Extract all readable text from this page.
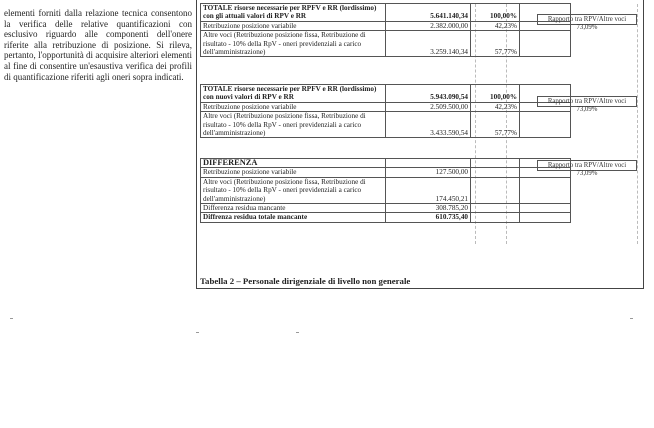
elementi forniti dalla relazione tecnica consentono la verifica delle relative quantificazioni con esclusivo riguardo alle componenti dell'onere riferite alla retribuzione di posizione. Si rileva, pertanto, l'opportunità di acquisire alteriori elementi al fine di consentire un'esaustiva verifica dei profili di quantificazione riferiti agli oneri sopra indicati.
TOTALE risorse necessarie per RPFV e RR (lordissimo) con gli attuali valori di RPV e RR	5.641.140,34	100,00%	
Retribuzione posizione variabile	2.382.000,00	42,23%	
Altre voci (Retribuzione posizione fissa, Retribuzione di risultato - 10% della RpV - oneri previdenziali a carico dell'amministrazione)	3.259.140,34	57,77%	
Rapporto tra RPV/Altre voci
73,09%
TOTALE risorse necessarie per RPFV e RR (lordissimo) con nuovi valori di RPV e RR	5.943.090,54	100,00%	
Retribuzione posizione variabile	2.509.500,00	42,23%	
Altre voci (Retribuzione posizione fissa, Retribuzione di risultato - 10% della RpV - oneri previdenziali a carico dell'amministrazione)	3.433.590,54	57,77%	
Rapporto tra RPV/Altre voci
73,09%
DIFFERENZA			
Retribuzione posizione variabile	127.500,00		
Altre voci (Retribuzione posizione fissa, Retribuzione di risultato - 10% della RpV - oneri previdenziali a carico dell'amministrazione)	174.450,21		
Differenza residua mancante	308.785,20		
Diffrenza residua totale mancante	610.735,40		
Rapporto tra RPV/Altre voci
73,09%
Tabella 2 – Personale dirigenziale di livello non generale
